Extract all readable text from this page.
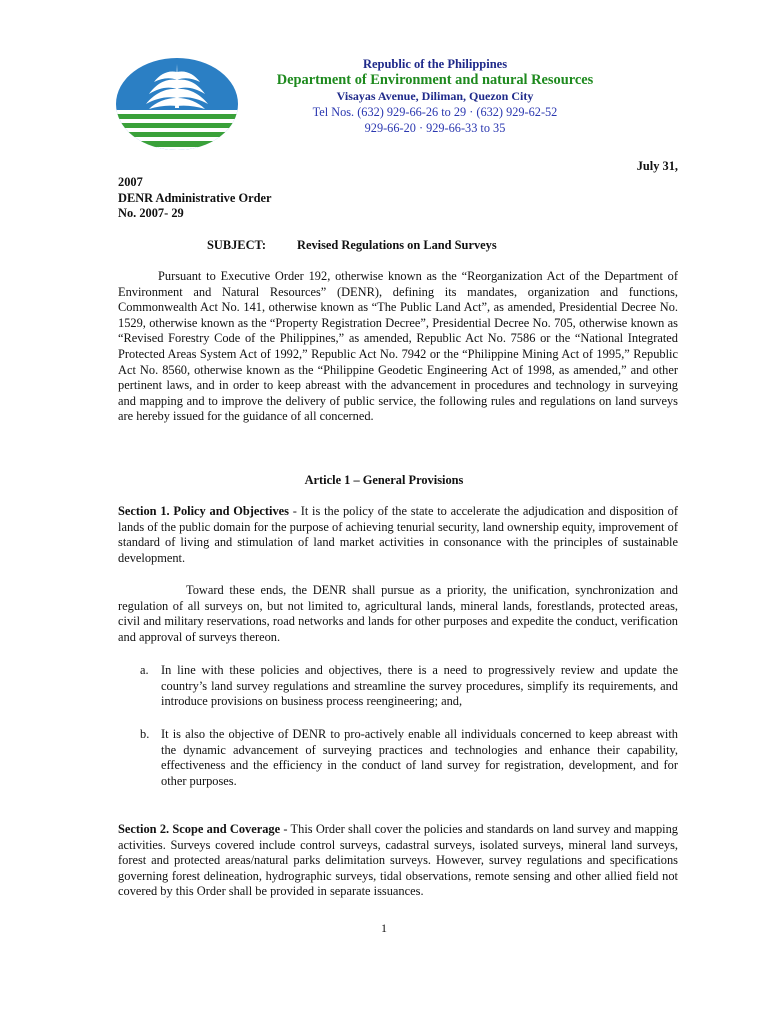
Republic of the Philippines
Department of Environment and natural Resources
Visayas Avenue, Diliman, Quezon City
Tel Nos. (632) 929-66-26 to 29 · (632) 929-62-52
929-66-20 · 929-66-33 to 35
July 31,
2007
DENR Administrative Order
No. 2007- 29
SUBJECT:	Revised Regulations on Land Surveys
Pursuant to Executive Order 192, otherwise known as the “Reorganization Act of the Department of Environment and Natural Resources” (DENR), defining its mandates, organization and functions, Commonwealth Act No. 141, otherwise known as “The Public Land Act”, as amended, Presidential Decree No. 1529, otherwise known as the “Property Registration Decree”, Presidential Decree No. 705, otherwise known as “Revised Forestry Code of the Philippines,” as amended, Republic Act No. 7586 or the “National Integrated Protected Areas System Act of 1992,” Republic Act No. 7942 or the “Philippine Mining Act of 1995,” Republic Act No. 8560, otherwise known as the “Philippine Geodetic Engineering Act of 1998, as amended,” and other pertinent laws, and in order to keep abreast with the advancement in procedures and technology in surveying and mapping and to improve the delivery of public service, the following rules and regulations on land surveys are hereby issued for the guidance of all concerned.
Article 1 – General Provisions
Section 1. Policy and Objectives - It is the policy of the state to accelerate the adjudication and disposition of lands of the public domain for the purpose of achieving tenurial security, land ownership equity, improvement of standard of living and stimulation of land market activities in consonance with the principles of sustainable development.
Toward these ends, the DENR shall pursue as a priority, the unification, synchronization and regulation of all surveys on, but not limited to, agricultural lands, mineral lands, forestlands, protected areas, civil and military reservations, road networks and lands for other purposes and expedite the conduct, verification and approval of surveys thereon.
a. In line with these policies and objectives, there is a need to progressively review and update the country’s land survey regulations and streamline the survey procedures, simplify its requirements, and introduce provisions on business process reengineering; and,
b. It is also the objective of DENR to pro-actively enable all individuals concerned to keep abreast with the dynamic advancement of surveying practices and technologies and enhance their capability, effectiveness and the efficiency in the conduct of land survey for registration, development, and for other purposes.
Section 2. Scope and Coverage - This Order shall cover the policies and standards on land survey and mapping activities. Surveys covered include control surveys, cadastral surveys, isolated surveys, mineral land surveys, forest and protected areas/natural parks delimitation surveys. However, survey regulations and specifications governing forest delineation, hydrographic surveys, tidal observations, remote sensing and other allied field not covered by this Order shall be provided in separate issuances.
1
